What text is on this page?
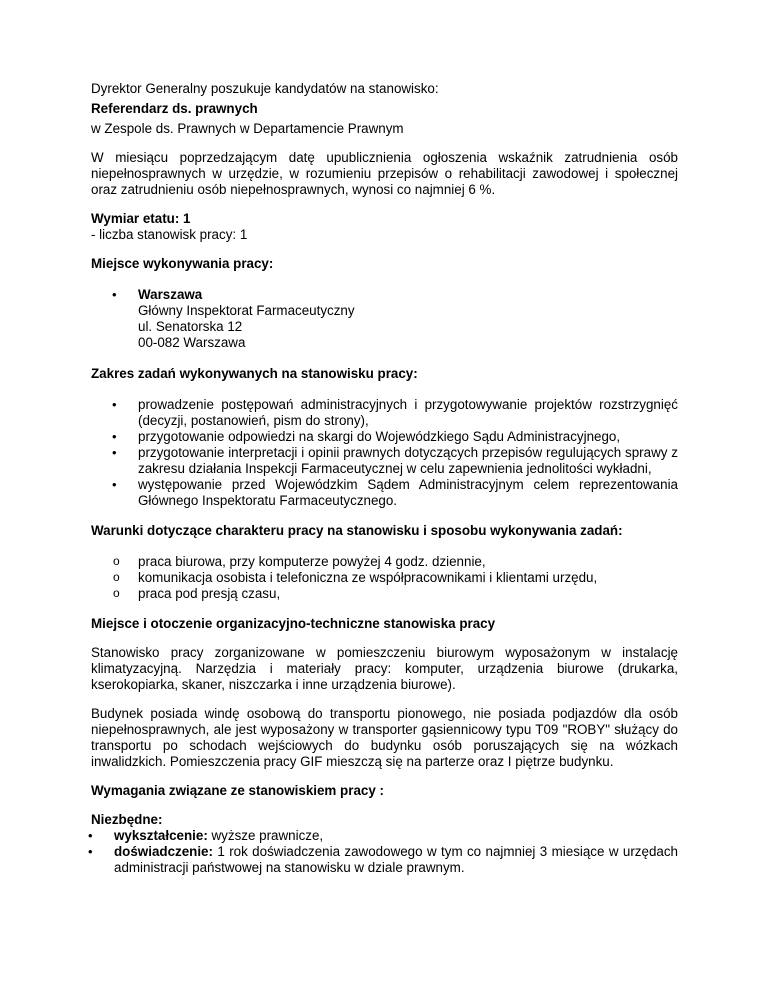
Dyrektor Generalny poszukuje kandydatów na stanowisko:

Referendarz ds. prawnych

w Zespole ds. Prawnych w Departamencie Prawnym

W miesiącu poprzedzającym datę upublicznienia ogłoszenia wskaźnik zatrudnienia osób niepełnosprawnych w urzędzie, w rozumieniu przepisów o rehabilitacji zawodowej i społecznej oraz zatrudnieniu osób niepełnosprawnych, wynosi co najmniej 6 %.

Wymiar etatu: 1

- liczba stanowisk pracy: 1

Miejsce wykonywania pracy:

• Warszawa
Główny Inspektorat Farmaceutyczny
ul. Senatorska 12
00-082 Warszawa

Zakres zadań wykonywanych na stanowisku pracy:

• prowadzenie postępowań administracyjnych i przygotowywanie projektów rozstrzygnięć (decyzji, postanowień, pism do strony),
• przygotowanie odpowiedzi na skargi do Wojewódzkiego Sądu Administracyjnego,
• przygotowanie interpretacji i opinii prawnych dotyczących przepisów regulujących sprawy z zakresu działania Inspekcji Farmaceutycznej w celu zapewnienia jednolitości wykładni,
• występowanie przed Wojewódzkim Sądem Administracyjnym celem reprezentowania Głównego Inspektoratu Farmaceutycznego.

Warunki dotyczące charakteru pracy na stanowisku i sposobu wykonywania zadań:

o praca biurowa, przy komputerze powyżej 4 godz. dziennie,
o komunikacja osobista i telefoniczna ze współpracownikami i klientami urzędu,
o praca pod presją czasu,

Miejsce i otoczenie organizacyjno-techniczne stanowiska pracy

Stanowisko pracy zorganizowane w pomieszczeniu biurowym wyposażonym w instalację klimatyzacyjną. Narzędzia i materiały pracy: komputer, urządzenia biurowe (drukarka, kserokopiarka, skaner, niszczarka i inne urządzenia biurowe).

Budynek posiada windę osobową do transportu pionowego, nie posiada podjazdów dla osób niepełnosprawnych, ale jest wyposażony w transporter gąsiennicowy typu T09 "ROBY" służący do transportu po schodach wejściowych do budynku osób poruszających się na wózkach inwalidzkich. Pomieszczenia pracy GIF mieszczą się na parterze oraz I piętrze budynku.

Wymagania związane ze stanowiskiem pracy :

Niezbędne:

• wykształcenie: wyższe prawnicze,
• doświadczenie: 1 rok doświadczenia zawodowego w tym co najmniej 3 miesiące w urzędach administracji państwowej na stanowisku w dziale prawnym.
